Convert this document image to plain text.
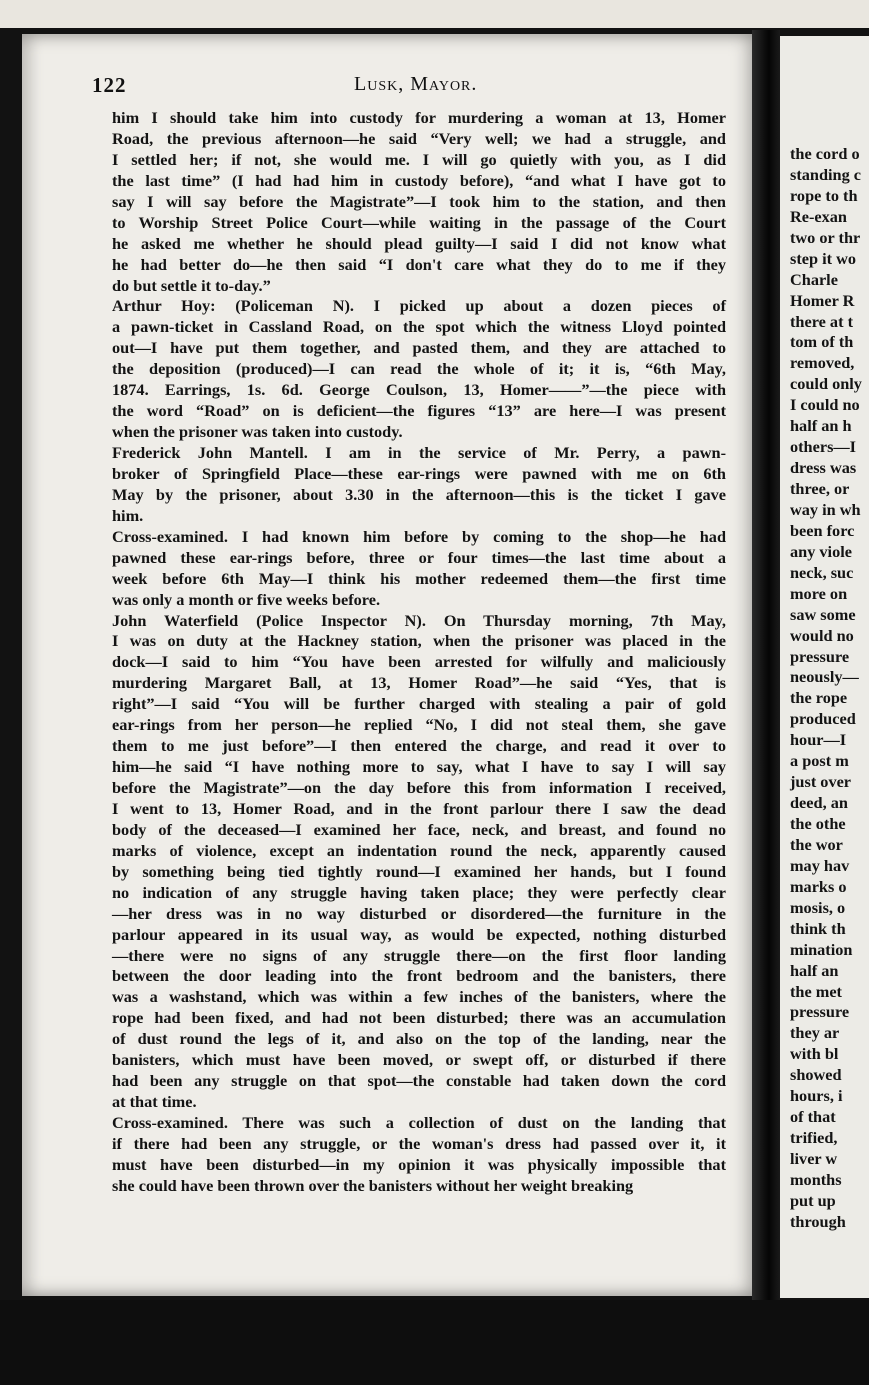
the cord o
standing c
rope to th
Re-exan
two or thr
step it wo
Charle
Homer R
there at t
tom of th
removed,
could only
I could no
half an h
others—I
dress was
three, or
way in wh
been forc
any viole
neck, suc
more on
saw some
would no
pressure
neously—
the rope
produced
hour—I
a post m
just over
deed, an
the othe
the wor
may hav
marks o
mosis, o
think th
mination
half an
the met
pressure
they ar
with bl
showed
hours, i
of that
trified,
liver w
months
put up
through
122	Lusk, Mayor.
him I should take him into custody for murdering a woman at 13, Homer
Road, the previous afternoon—he said “Very well; we had a struggle, and
I settled her; if not, she would me. I will go quietly with you, as I did
the last time” (I had had him in custody before), “and what I have got to
say I will say before the Magistrate”—I took him to the station, and then
to Worship Street Police Court—while waiting in the passage of the Court
he asked me whether he should plead guilty—I said I did not know what
he had better do—he then said “I don't care what they do to me if they
do but settle it to-day.”
Arthur Hoy: (Policeman N). I picked up about a dozen pieces of
a pawn-ticket in Cassland Road, on the spot which the witness Lloyd pointed
out—I have put them together, and pasted them, and they are attached to
the deposition (produced)—I can read the whole of it; it is, “6th May,
1874. Earrings, 1s. 6d. George Coulson, 13, Homer——”—the piece with
the word “Road” on is deficient—the figures “13” are here—I was present
when the prisoner was taken into custody.
Frederick John Mantell. I am in the service of Mr. Perry, a pawn-
broker of Springfield Place—these ear-rings were pawned with me on 6th
May by the prisoner, about 3.30 in the afternoon—this is the ticket I gave
him.
Cross-examined. I had known him before by coming to the shop—he had
pawned these ear-rings before, three or four times—the last time about a
week before 6th May—I think his mother redeemed them—the first time
was only a month or five weeks before.
John Waterfield (Police Inspector N). On Thursday morning, 7th May,
I was on duty at the Hackney station, when the prisoner was placed in the
dock—I said to him “You have been arrested for wilfully and maliciously
murdering Margaret Ball, at 13, Homer Road”—he said “Yes, that is
right”—I said “You will be further charged with stealing a pair of gold
ear-rings from her person—he replied “No, I did not steal them, she gave
them to me just before”—I then entered the charge, and read it over to
him—he said “I have nothing more to say, what I have to say I will say
before the Magistrate”—on the day before this from information I received,
I went to 13, Homer Road, and in the front parlour there I saw the dead
body of the deceased—I examined her face, neck, and breast, and found no
marks of violence, except an indentation round the neck, apparently caused
by something being tied tightly round—I examined her hands, but I found
no indication of any struggle having taken place; they were perfectly clear
—her dress was in no way disturbed or disordered—the furniture in the
parlour appeared in its usual way, as would be expected, nothing disturbed
—there were no signs of any struggle there—on the first floor landing
between the door leading into the front bedroom and the banisters, there
was a washstand, which was within a few inches of the banisters, where the
rope had been fixed, and had not been disturbed; there was an accumulation
of dust round the legs of it, and also on the top of the landing, near the
banisters, which must have been moved, or swept off, or disturbed if there
had been any struggle on that spot—the constable had taken down the cord
at that time.
Cross-examined. There was such a collection of dust on the landing that
if there had been any struggle, or the woman's dress had passed over it, it
must have been disturbed—in my opinion it was physically impossible that
she could have been thrown over the banisters without her weight breaking
